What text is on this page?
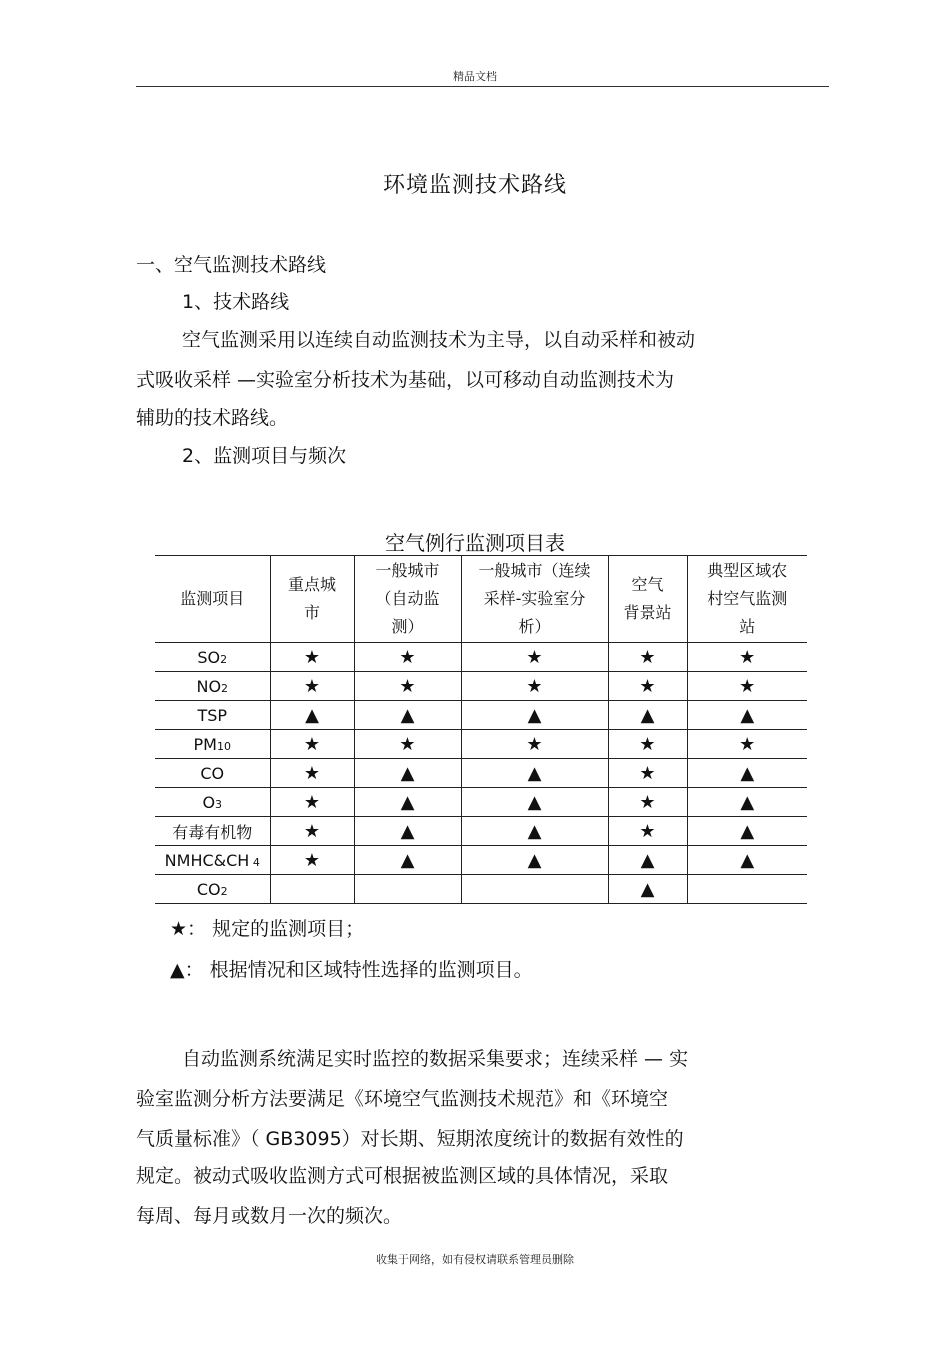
精品文档
环境监测技术路线
一、空气监测技术路线
1、技术路线
空气监测采用以连续自动监测技术为主导，以自动采样和被动
式吸收采样 —实验室分析技术为基础，以可移动自动监测技术为
辅助的技术路线。
2、监测项目与频次
空气例行监测项目表
监测项目	重点城
市	一般城市
（自动监
测）	一般城市（连续
采样-实验室分
析）	空气
背景站	典型区域农
村空气监测
站
SO2	★	★	★	★	★
NO2	★	★	★	★	★
TSP	▲	▲	▲	▲	▲
PM10	★	★	★	★	★
CO	★	▲	▲	★	▲
O3	★	▲	▲	★	▲
有毒有机物	★	▲	▲	★	▲
NMHC&CH 4	★	▲	▲	▲	▲
CO2				▲	
★： 规定的监测项目；
▲： 根据情况和区域特性选择的监测项目。
自动监测系统满足实时监控的数据采集要求；连续采样 — 实
验室监测分析方法要满足《环境空气监测技术规范》和《环境空
气质量标准》（ GB3095）对长期、短期浓度统计的数据有效性的
规定。被动式吸收监测方式可根据被监测区域的具体情况，采取
每周、每月或数月一次的频次。
收集于网络，如有侵权请联系管理员删除
